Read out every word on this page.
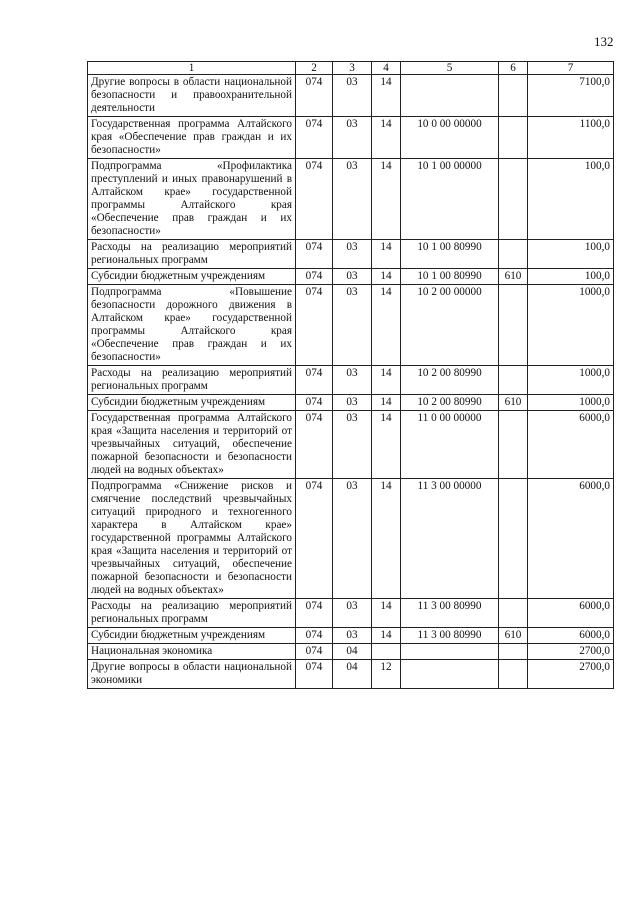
132
1	2	3	4	5	6	7
Другие вопросы в области национальной безопасности и правоохранительной деятельности	074	03	14			7100,0
Государственная программа Алтайского края «Обеспечение прав граждан и их безопасности»	074	03	14	10 0 00 00000		1100,0
Подпрограмма «Профилактика преступлений и иных правонарушений в Алтайском крае» государственной программы Алтайского края «Обеспечение прав граждан и их безопасности»	074	03	14	10 1 00 00000		100,0
Расходы на реализацию мероприятий региональных программ	074	03	14	10 1 00 80990		100,0
Субсидии бюджетным учреждениям	074	03	14	10 1 00 80990	610	100,0
Подпрограмма «Повышение безопасности дорожного движения в Алтайском крае» государственной программы Алтайского края «Обеспечение прав граждан и их безопасности»	074	03	14	10 2 00 00000		1000,0
Расходы на реализацию мероприятий региональных программ	074	03	14	10 2 00 80990		1000,0
Субсидии бюджетным учреждениям	074	03	14	10 2 00 80990	610	1000,0
Государственная программа Алтайского края «Защита населения и территорий от чрезвычайных ситуаций, обеспечение пожарной безопасности и безопасности людей на водных объектах»	074	03	14	11 0 00 00000		6000,0
Подпрограмма «Снижение рисков и смягчение последствий чрезвычайных ситуаций природного и техногенного характера в Алтайском крае» государственной программы Алтайского края «Защита населения и территорий от чрезвычайных ситуаций, обеспечение пожарной безопасности и безопасности людей на водных объектах»	074	03	14	11 3 00 00000		6000,0
Расходы на реализацию мероприятий региональных программ	074	03	14	11 3 00 80990		6000,0
Субсидии бюджетным учреждениям	074	03	14	11 3 00 80990	610	6000,0
Национальная экономика	074	04				2700,0
Другие вопросы в области национальной экономики	074	04	12			2700,0
